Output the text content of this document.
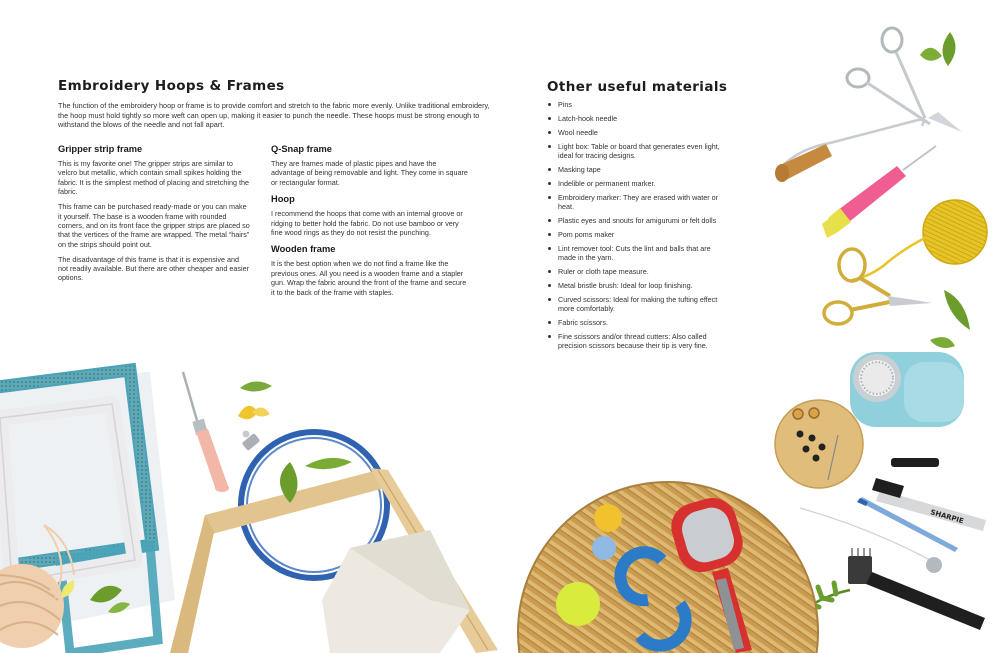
Embroidery Hoops & Frames

The function of the embroidery hoop or frame is to provide comfort and stretch to the fabric more evenly. Unlike traditional embroidery, the hoop must hold tightly so more weft can open up, making it easier to punch the needle. These hoops must be strong enough to withstand the blows of the needle and not fall apart.

Gripper strip frame

This is my favorite one! The gripper strips are similar to velcro but metallic, which contain small spikes holding the fabric. It is the simplest method of placing and stretching the fabric.

This frame can be purchased ready-made or you can make it yourself. The base is a wooden frame with rounded corners, and on its front face the gripper strips are placed so that the vertices of the frame are wrapped. The metal “hairs” on the strips should point out.

The disadvantage of this frame is that it is expensive and not readily available. But there are other cheaper and easier options.

Q-Snap frame

They are frames made of plastic pipes and have the advantage of being removable and light. They come in square or rectangular format.

Hoop

I recommend the hoops that come with an internal groove or ridging to better hold the fabric. Do not use bamboo or very fine wood rings as they do not resist the punching.

Wooden frame

It is the best option when we do not find a frame like the previous ones. All you need is a wooden frame and a stapler gun. Wrap the fabric around the front of the frame and secure it to the back of the frame with staples.

Other useful materials
Pins
Latch-hook needle
Wool needle
Light box: Table or board that generates even light, ideal for tracing designs.
Masking tape
Indelible or permanent marker.
Embroidery marker: They are erased with water or heat.
Plastic eyes and snouts for amigurumi or felt dolls
Pom poms maker
Lint remover tool: Cuts the lint and balls that are made in the yarn.
Ruler or cloth tape measure.
Metal bristle brush: Ideal for loop finishing.
Curved scissors: Ideal for making the tufting effect more comfortably.
Fabric scissors.
Fine scissors and/or thread cutters: Also called precision scissors because their tip is very fine.
SHARPIE
